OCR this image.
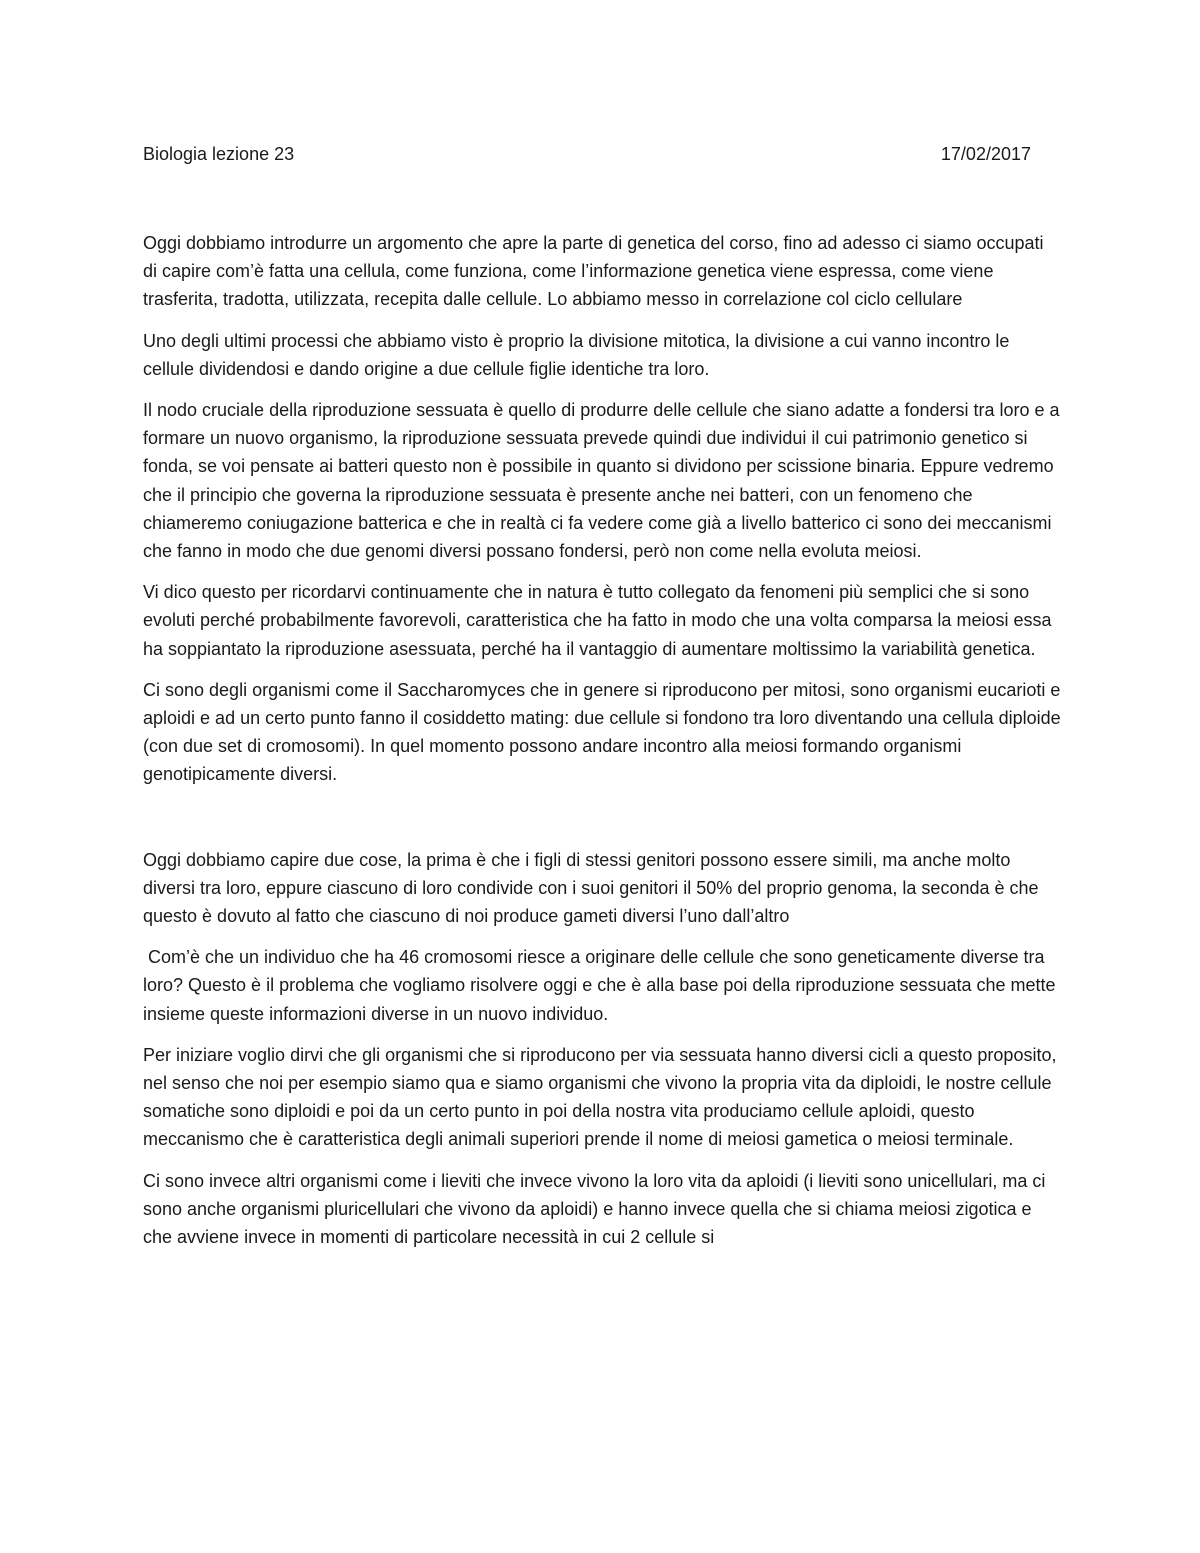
Biologia lezione 23	17/02/2017

Oggi dobbiamo introdurre un argomento che apre la parte di genetica del corso, fino ad adesso ci siamo occupati di capire com’è fatta una cellula, come funziona, come l’informazione genetica viene espressa, come viene trasferita, tradotta, utilizzata, recepita dalle cellule. Lo abbiamo messo in correlazione col ciclo cellulare

Uno degli ultimi processi che abbiamo visto è proprio la divisione mitotica, la divisione a cui vanno incontro le cellule dividendosi e dando origine a due cellule figlie identiche tra loro.

Il nodo cruciale della riproduzione sessuata è quello di produrre delle cellule che siano adatte a fondersi tra loro e a formare un nuovo organismo, la riproduzione sessuata prevede quindi due individui il cui patrimonio genetico si fonda, se voi pensate ai batteri questo non è possibile in quanto si dividono per scissione binaria. Eppure vedremo che il principio che governa la riproduzione sessuata è presente anche nei batteri, con un fenomeno che chiameremo coniugazione batterica e che in realtà ci fa vedere come già a livello batterico ci sono dei meccanismi che fanno in modo che due genomi diversi possano fondersi, però non come nella evoluta meiosi.

Vi dico questo per ricordarvi continuamente che in natura è tutto collegato da fenomeni più semplici che si sono evoluti perché probabilmente favorevoli, caratteristica che ha fatto in modo che una volta comparsa la meiosi essa ha soppiantato la riproduzione asessuata, perché ha il vantaggio di aumentare moltissimo la variabilità genetica.

Ci sono degli organismi come il Saccharomyces che in genere si riproducono per mitosi, sono organismi eucarioti e aploidi e ad un certo punto fanno il cosiddetto mating: due cellule si fondono tra loro diventando una cellula diploide (con due set di cromosomi). In quel momento possono andare incontro alla meiosi formando organismi genotipicamente diversi.

Oggi dobbiamo capire due cose, la prima è che i figli di stessi genitori possono essere simili, ma anche molto diversi tra loro, eppure ciascuno di loro condivide con i suoi genitori il 50% del proprio genoma, la seconda è che questo è dovuto al fatto che ciascuno di noi produce gameti diversi l’uno dall’altro

Com’è che un individuo che ha 46 cromosomi riesce a originare delle cellule che sono geneticamente diverse tra loro? Questo è il problema che vogliamo risolvere oggi e che è alla base poi della riproduzione sessuata che mette insieme queste informazioni diverse in un nuovo individuo.

Per iniziare voglio dirvi che gli organismi che si riproducono per via sessuata hanno diversi cicli a questo proposito, nel senso che noi per esempio siamo qua e siamo organismi che vivono la propria vita da diploidi, le nostre cellule somatiche sono diploidi e poi da un certo punto in poi della nostra vita produciamo cellule aploidi, questo meccanismo che è caratteristica degli animali superiori prende il nome di meiosi gametica o meiosi terminale.

Ci sono invece altri organismi come i lieviti che invece vivono la loro vita da aploidi (i lieviti sono unicellulari, ma ci sono anche organismi pluricellulari che vivono da aploidi) e hanno invece quella che si chiama meiosi zigotica e che avviene invece in momenti di particolare necessità in cui 2 cellule si
